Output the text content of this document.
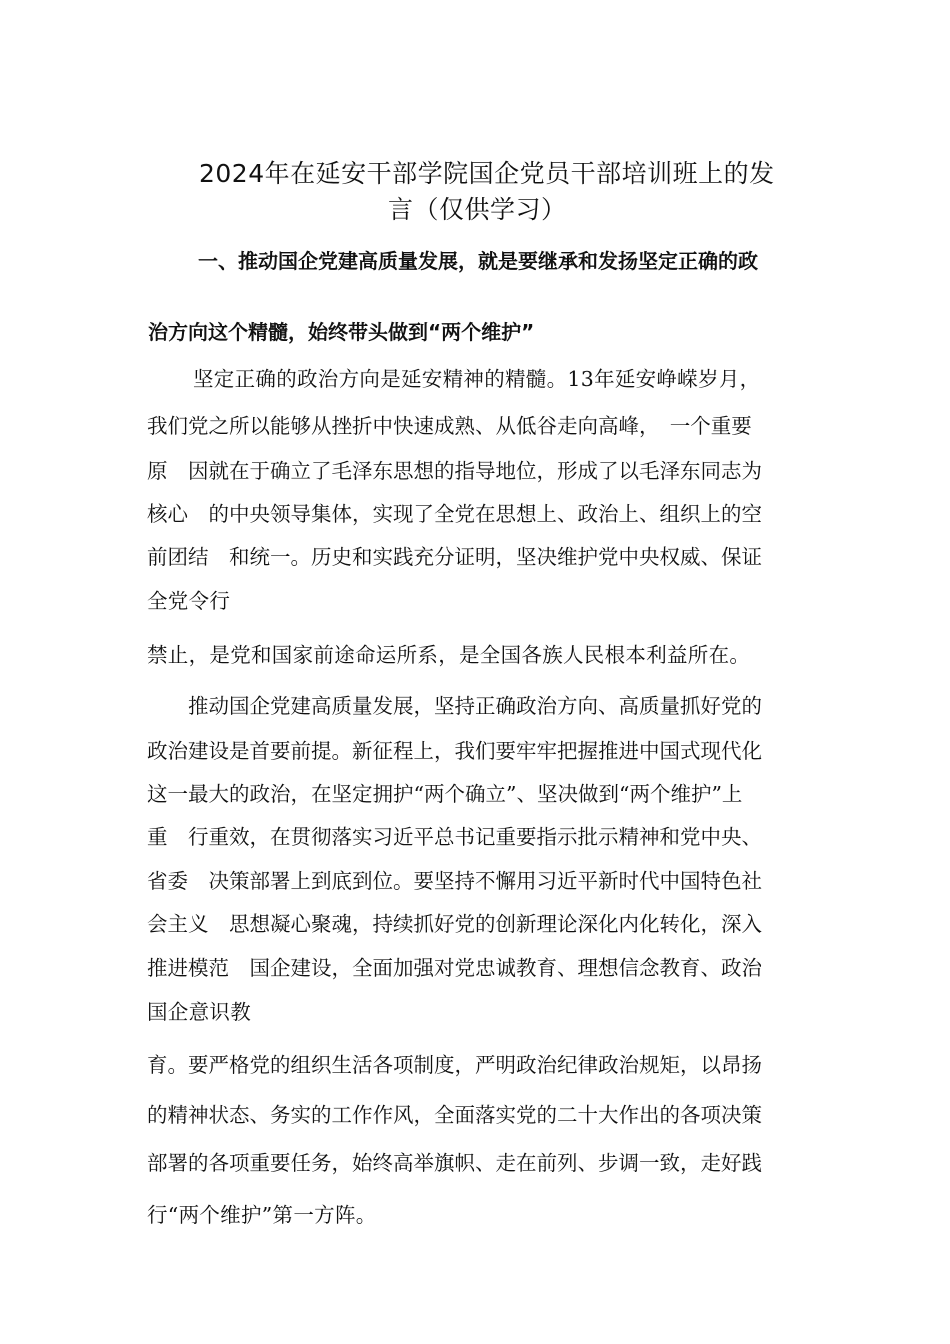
2024年在延安干部学院国企党员干部培训班上的发
言（仅供学习）
一、推动国企党建高质量发展，就是要继承和发扬坚定正确的政
治方向这个精髓，始终带头做到“两个维护”
坚定正确的政治方向是延安精神的精髓。13年延安峥嵘岁月，
我们党之所以能够从挫折中快速成熟、从低谷走向高峰，　一个重要
原　因就在于确立了毛泽东思想的指导地位，形成了以毛泽东同志为
核心　的中央领导集体，实现了全党在思想上、政治上、组织上的空
前团结　和统一。历史和实践充分证明，坚决维护党中央权威、保证
全党令行
禁止，是党和国家前途命运所系，是全国各族人民根本利益所在。
推动国企党建高质量发展，坚持正确政治方向、高质量抓好党的
政治建设是首要前提。新征程上，我们要牢牢把握推进中国式现代化
这一最大的政治，在坚定拥护“两个确立”、坚决做到“两个维护”上
重　行重效，在贯彻落实习近平总书记重要指示批示精神和党中央、
省委　决策部署上到底到位。要坚持不懈用习近平新时代中国特色社
会主义　思想凝心聚魂，持续抓好党的创新理论深化内化转化，深入
推进模范　国企建设，全面加强对党忠诚教育、理想信念教育、政治
国企意识教
育。要严格党的组织生活各项制度，严明政治纪律政治规矩，以昂扬
的精神状态、务实的工作作风，全面落实党的二十大作出的各项决策
部署的各项重要任务，始终高举旗帜、走在前列、步调一致，走好践
行“两个维护”第一方阵。
